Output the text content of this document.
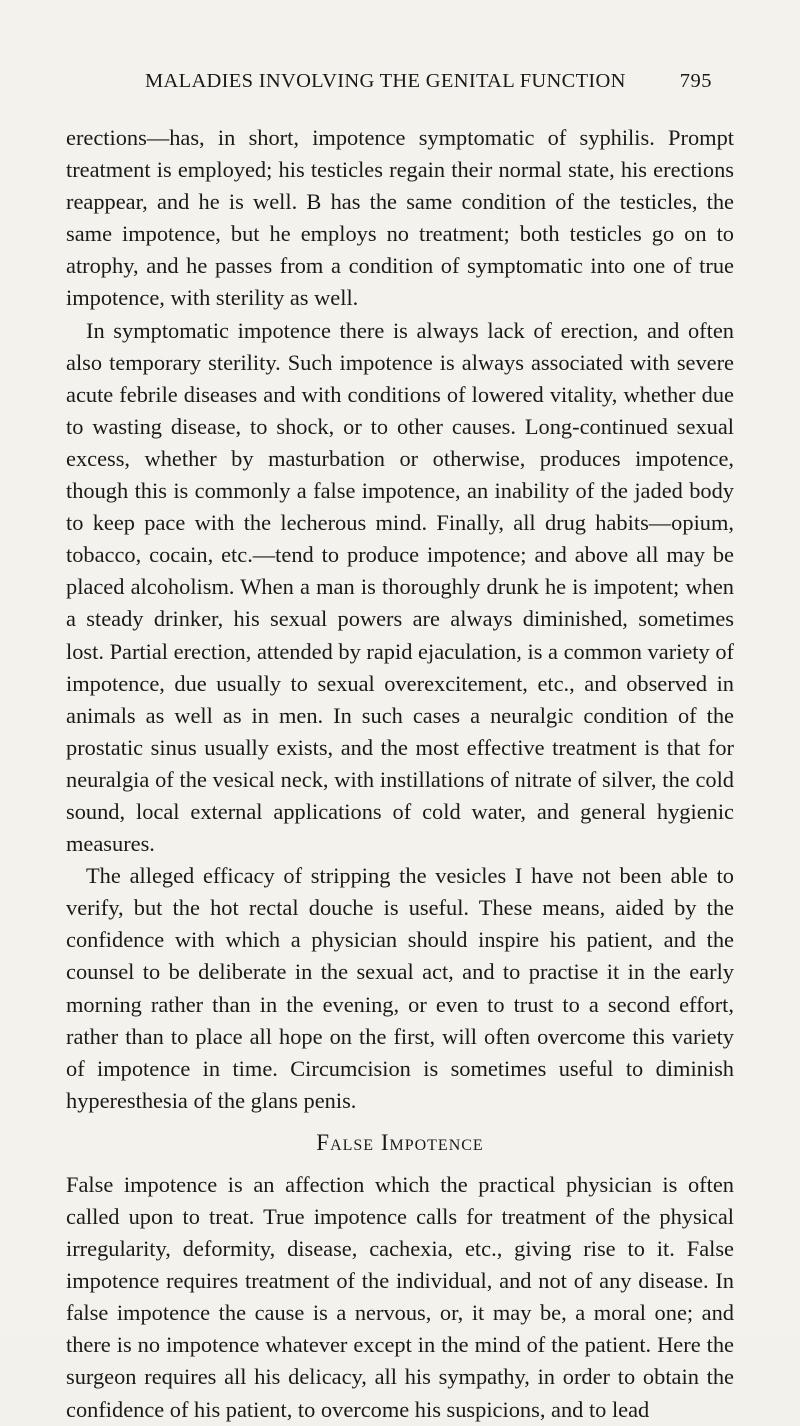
MALADIES INVOLVING THE GENITAL FUNCTION	795

erections—has, in short, impotence symptomatic of syphilis. Prompt treatment is employed; his testicles regain their normal state, his erections reappear, and he is well. B has the same condition of the testicles, the same impotence, but he employs no treatment; both testicles go on to atrophy, and he passes from a condition of symptomatic into one of true impotence, with sterility as well.

In symptomatic impotence there is always lack of erection, and often also temporary sterility. Such impotence is always associated with severe acute febrile diseases and with conditions of lowered vitality, whether due to wasting disease, to shock, or to other causes. Long-continued sexual excess, whether by masturbation or otherwise, produces impotence, though this is commonly a false impotence, an inability of the jaded body to keep pace with the lecherous mind. Finally, all drug habits—opium, tobacco, cocain, etc.—tend to produce impotence; and above all may be placed alcoholism. When a man is thoroughly drunk he is impotent; when a steady drinker, his sexual powers are always diminished, sometimes lost. Partial erection, attended by rapid ejaculation, is a common variety of impotence, due usually to sexual overexcitement, etc., and observed in animals as well as in men. In such cases a neuralgic condition of the prostatic sinus usually exists, and the most effective treatment is that for neuralgia of the vesical neck, with instillations of nitrate of silver, the cold sound, local external applications of cold water, and general hygienic measures.

The alleged efficacy of stripping the vesicles I have not been able to verify, but the hot rectal douche is useful. These means, aided by the confidence with which a physician should inspire his patient, and the counsel to be deliberate in the sexual act, and to practise it in the early morning rather than in the evening, or even to trust to a second effort, rather than to place all hope on the first, will often overcome this variety of impotence in time. Circumcision is sometimes useful to diminish hyperesthesia of the glans penis.

False Impotence

False impotence is an affection which the practical physician is often called upon to treat. True impotence calls for treatment of the physical irregularity, deformity, disease, cachexia, etc., giving rise to it. False impotence requires treatment of the individual, and not of any disease. In false impotence the cause is a nervous, or, it may be, a moral one; and there is no impotence whatever except in the mind of the patient. Here the surgeon requires all his delicacy, all his sympathy, in order to obtain the confidence of his patient, to overcome his suspicions, and to lead
